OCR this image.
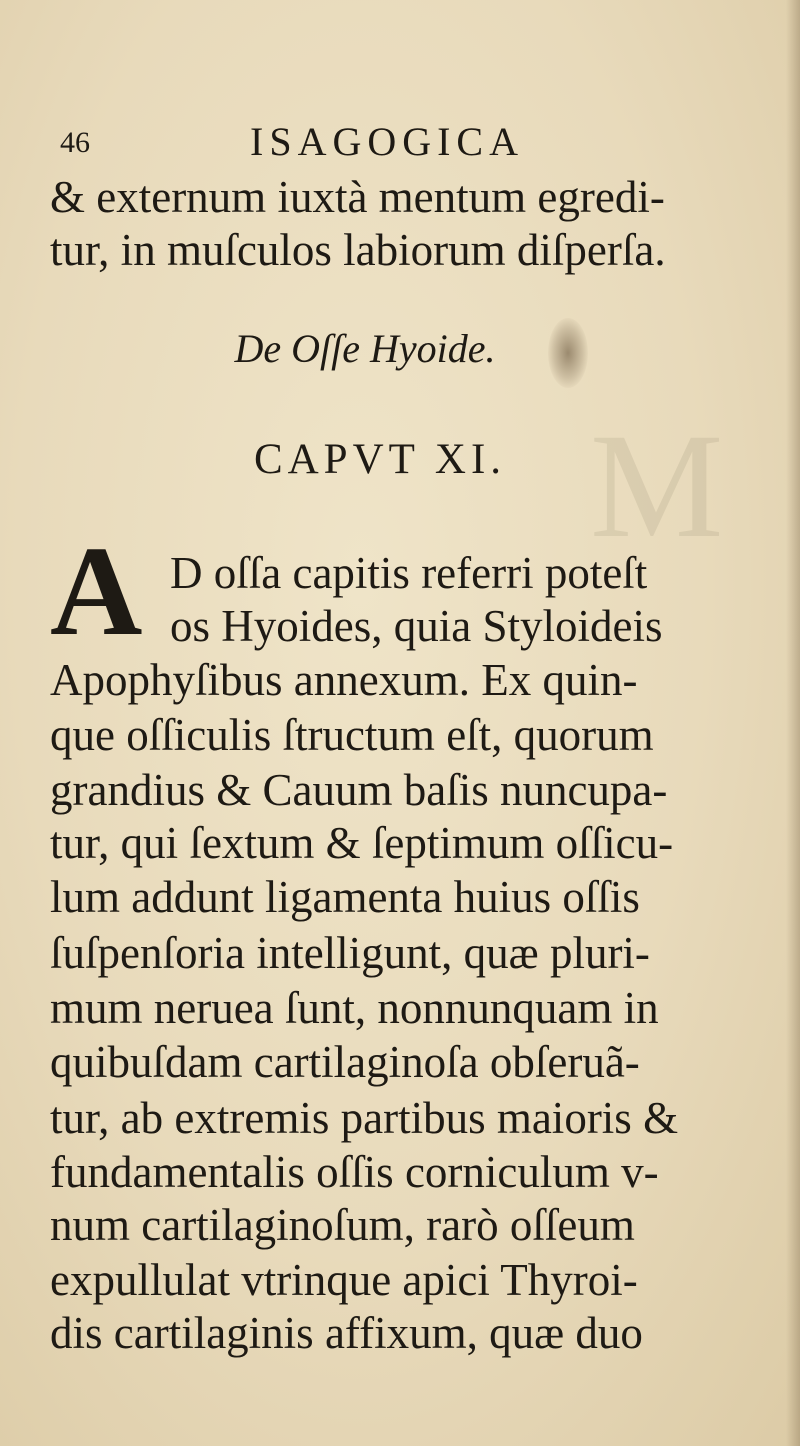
M
46	ISAGOGICA
& externum iuxtà mentum egredi-
tur, in muſculos labiorum diſperſa.
De Oſſe Hyoide.
CAPVT XI.
A D oſſa capitis referri poteſt
os Hyoides, quia Styloideis
Apophyſibus annexum. Ex quin-
que oſſiculis ſtructum eſt, quorum
grandius & Cauum baſis nuncupa-
tur, qui ſextum & ſeptimum oſſicu-
lum addunt ligamenta huius oſſis
ſuſpenſoria intelligunt, quæ pluri-
mum neruea ſunt, nonnunquam in
quibuſdam cartilaginoſa obſeruã-
tur, ab extremis partibus maioris &
fundamentalis oſſis corniculum v-
num cartilaginoſum, rarò oſſeum
expullulat vtrinque apici Thyroi-
dis cartilaginis affixum, quæ duo
